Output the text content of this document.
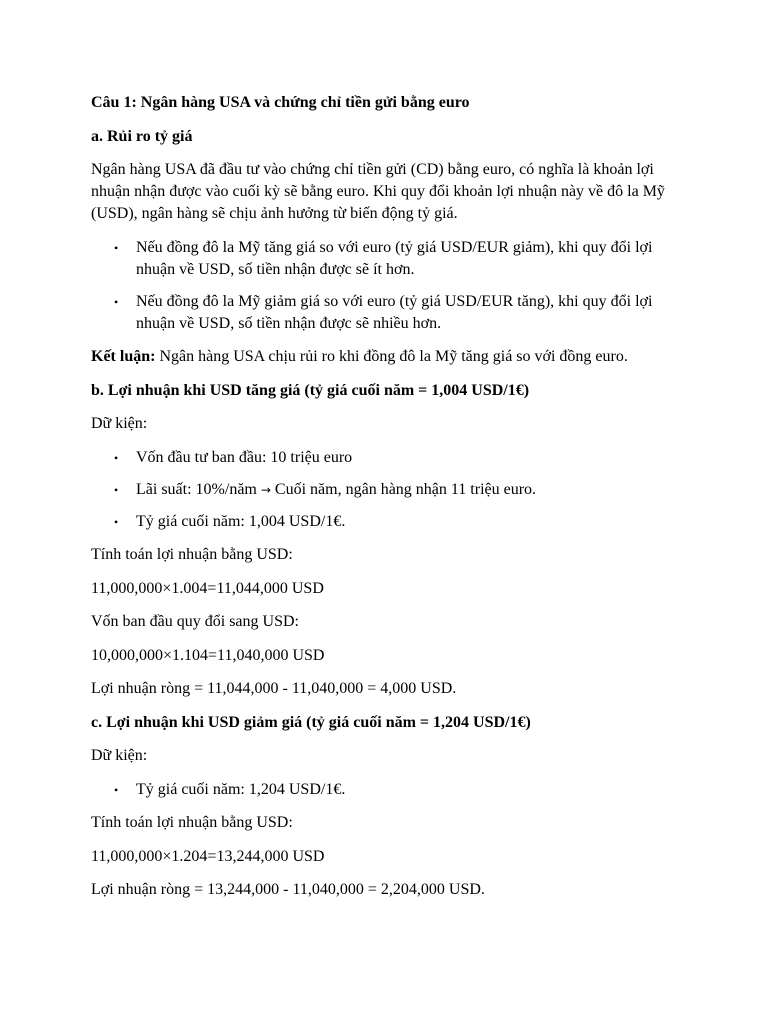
Câu 1: Ngân hàng USA và chứng chỉ tiền gửi bằng euro

a. Rủi ro tỷ giá

Ngân hàng USA đã đầu tư vào chứng chỉ tiền gửi (CD) bằng euro, có nghĩa là khoản lợi nhuận nhận được vào cuối kỳ sẽ bằng euro. Khi quy đổi khoản lợi nhuận này về đô la Mỹ (USD), ngân hàng sẽ chịu ảnh hưởng từ biến động tỷ giá.

• Nếu đồng đô la Mỹ tăng giá so với euro (tỷ giá USD/EUR giảm), khi quy đổi lợi nhuận về USD, số tiền nhận được sẽ ít hơn.
• Nếu đồng đô la Mỹ giảm giá so với euro (tỷ giá USD/EUR tăng), khi quy đổi lợi nhuận về USD, số tiền nhận được sẽ nhiều hơn.

Kết luận: Ngân hàng USA chịu rủi ro khi đồng đô la Mỹ tăng giá so với đồng euro.

b. Lợi nhuận khi USD tăng giá (tỷ giá cuối năm = 1,004 USD/1€)

Dữ kiện:

• Vốn đầu tư ban đầu: 10 triệu euro
• Lãi suất: 10%/năm → Cuối năm, ngân hàng nhận 11 triệu euro.
• Tỷ giá cuối năm: 1,004 USD/1€.

Tính toán lợi nhuận bằng USD:

11,000,000×1.004=11,044,000 USD

Vốn ban đầu quy đổi sang USD:

10,000,000×1.104=11,040,000 USD

Lợi nhuận ròng = 11,044,000 - 11,040,000 = 4,000 USD.

c. Lợi nhuận khi USD giảm giá (tỷ giá cuối năm = 1,204 USD/1€)

Dữ kiện:

• Tỷ giá cuối năm: 1,204 USD/1€.

Tính toán lợi nhuận bằng USD:

11,000,000×1.204=13,244,000 USD

Lợi nhuận ròng = 13,244,000 - 11,040,000 = 2,204,000 USD.
